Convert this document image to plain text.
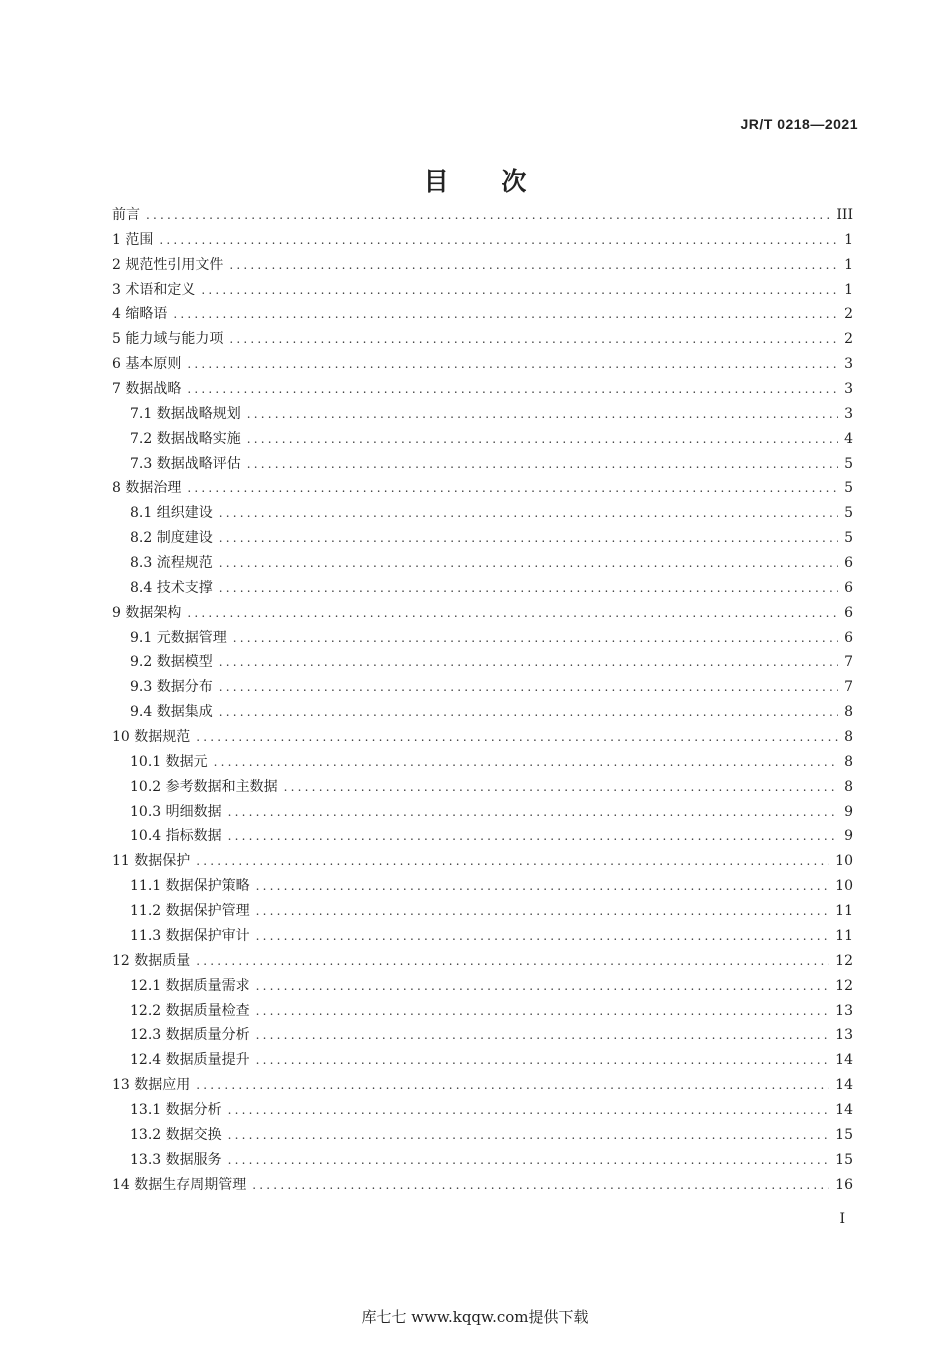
JR/T 0218—2021
目 次
前言 .....	III
1 范围 .....	1
2 规范性引用文件 .....	1
3 术语和定义 .....	1
4 缩略语 .....	2
5 能力域与能力项 .....	2
6 基本原则 .....	3
7 数据战略 .....	3
7.1 数据战略规划 .....	3
7.2 数据战略实施 .....	4
7.3 数据战略评估 .....	5
8 数据治理 .....	5
8.1 组织建设 .....	5
8.2 制度建设 .....	5
8.3 流程规范 .....	6
8.4 技术支撑 .....	6
9 数据架构 .....	6
9.1 元数据管理 .....	6
9.2 数据模型 .....	7
9.3 数据分布 .....	7
9.4 数据集成 .....	8
10 数据规范 .....	8
10.1 数据元 .....	8
10.2 参考数据和主数据 .....	8
10.3 明细数据 .....	9
10.4 指标数据 .....	9
11 数据保护 .....	10
11.1 数据保护策略 .....	10
11.2 数据保护管理 .....	11
11.3 数据保护审计 .....	11
12 数据质量 .....	12
12.1 数据质量需求 .....	12
12.2 数据质量检查 .....	13
12.3 数据质量分析 .....	13
12.4 数据质量提升 .....	14
13 数据应用 .....	14
13.1 数据分析 .....	14
13.2 数据交换 .....	15
13.3 数据服务 .....	15
14 数据生存周期管理 .....	16
I
库七七 www.kqqw.com提供下载
